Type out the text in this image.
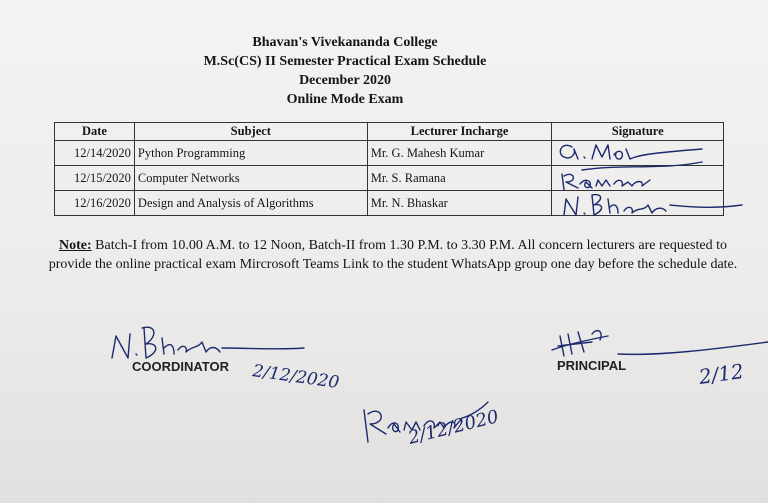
Bhavan's Vivekananda College
M.Sc(CS) II Semester Practical Exam Schedule
December 2020
Online Mode Exam
Date	Subject	Lecturer Incharge	Signature
12/14/2020	Python Programming	Mr. G. Mahesh Kumar	

12/15/2020	Computer Networks	Mr. S. Ramana	

12/16/2020	Design and Analysis of Algorithms	Mr. N. Bhaskar	
Note: Batch-I from 10.00 A.M. to 12 Noon, Batch-II from 1.30 P.M. to 3.30 P.M. All concern lecturers are requested to provide the online practical exam Mircrosoft Teams Link to the student WhatsApp group one day before the schedule date.
COORDINATOR 2/12/2020	PRINCIPAL	2/12
2/12/2020
